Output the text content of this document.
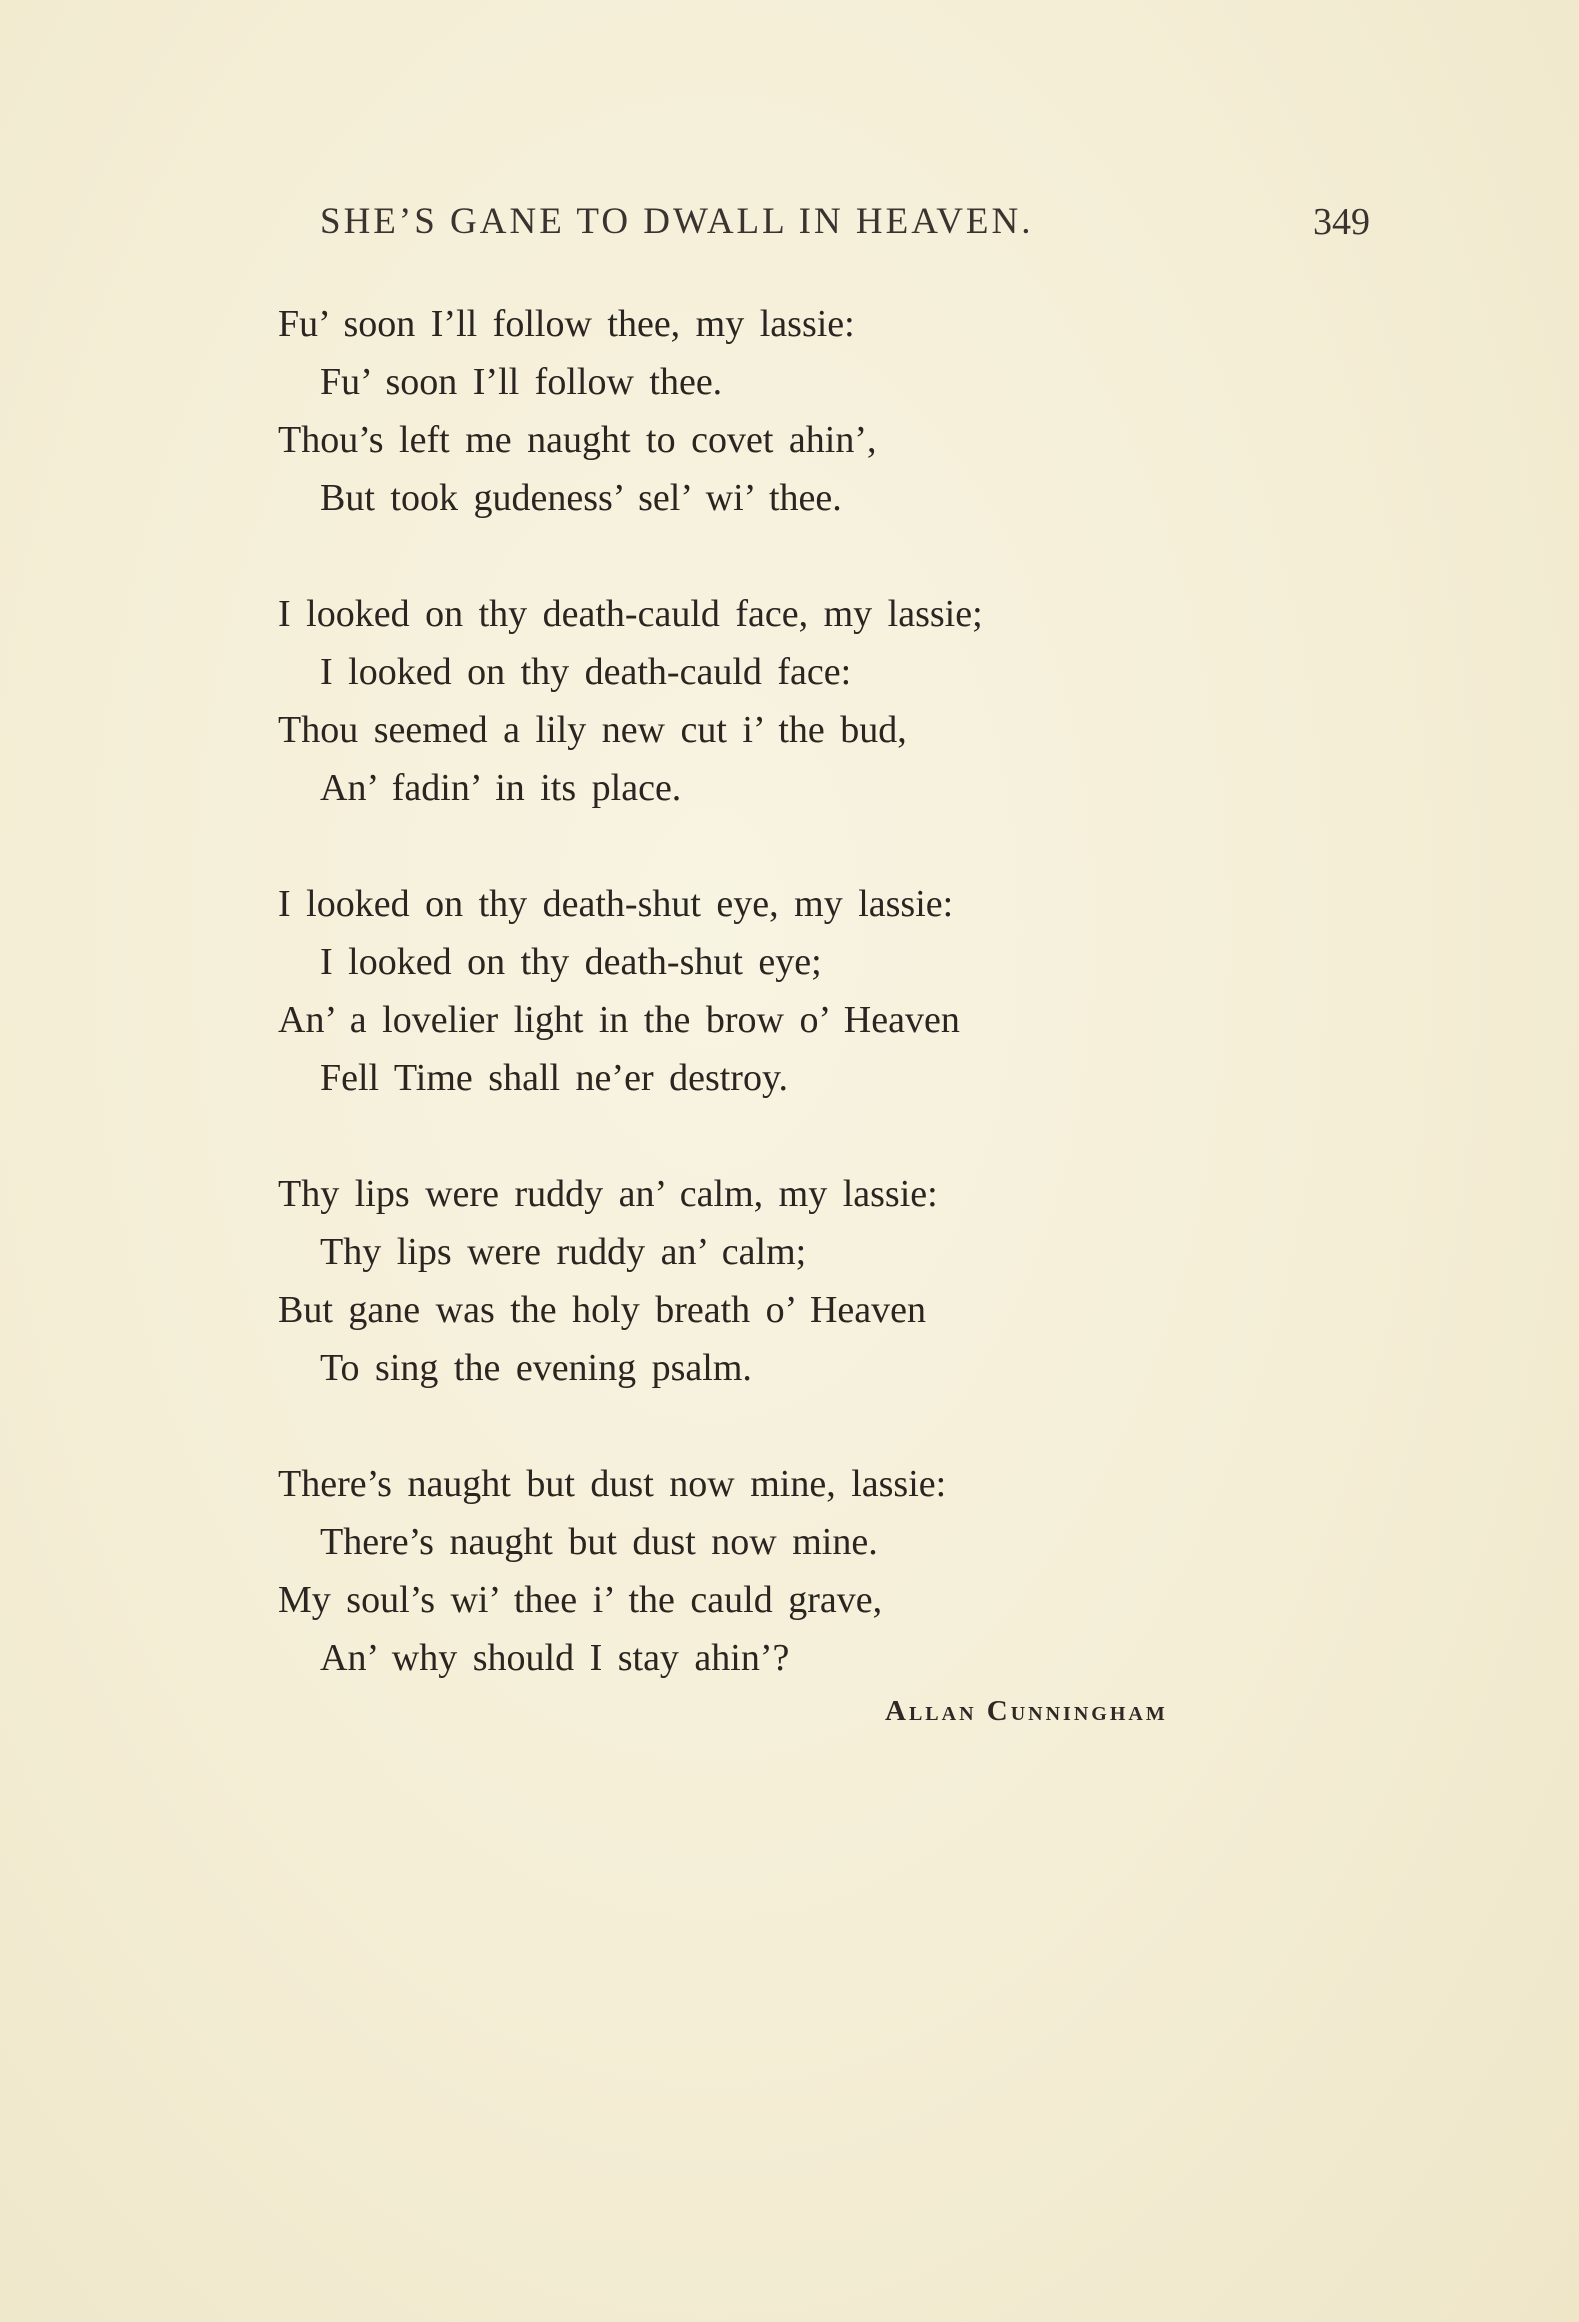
SHE’S GANE TO DWALL IN HEAVEN.	349
Fu’ soon I’ll follow thee, my lassie:
Fu’ soon I’ll follow thee.
Thou’s left me naught to covet ahin’,
But took gudeness’ sel’ wi’ thee.
I looked on thy death-cauld face, my lassie;
I looked on thy death-cauld face:
Thou seemed a lily new cut i’ the bud,
An’ fadin’ in its place.
I looked on thy death-shut eye, my lassie:
I looked on thy death-shut eye;
An’ a lovelier light in the brow o’ Heaven
Fell Time shall ne’er destroy.
Thy lips were ruddy an’ calm, my lassie:
Thy lips were ruddy an’ calm;
But gane was the holy breath o’ Heaven
To sing the evening psalm.
There’s naught but dust now mine, lassie:
There’s naught but dust now mine.
My soul’s wi’ thee i’ the cauld grave,
An’ why should I stay ahin’?
Allan Cunningham
